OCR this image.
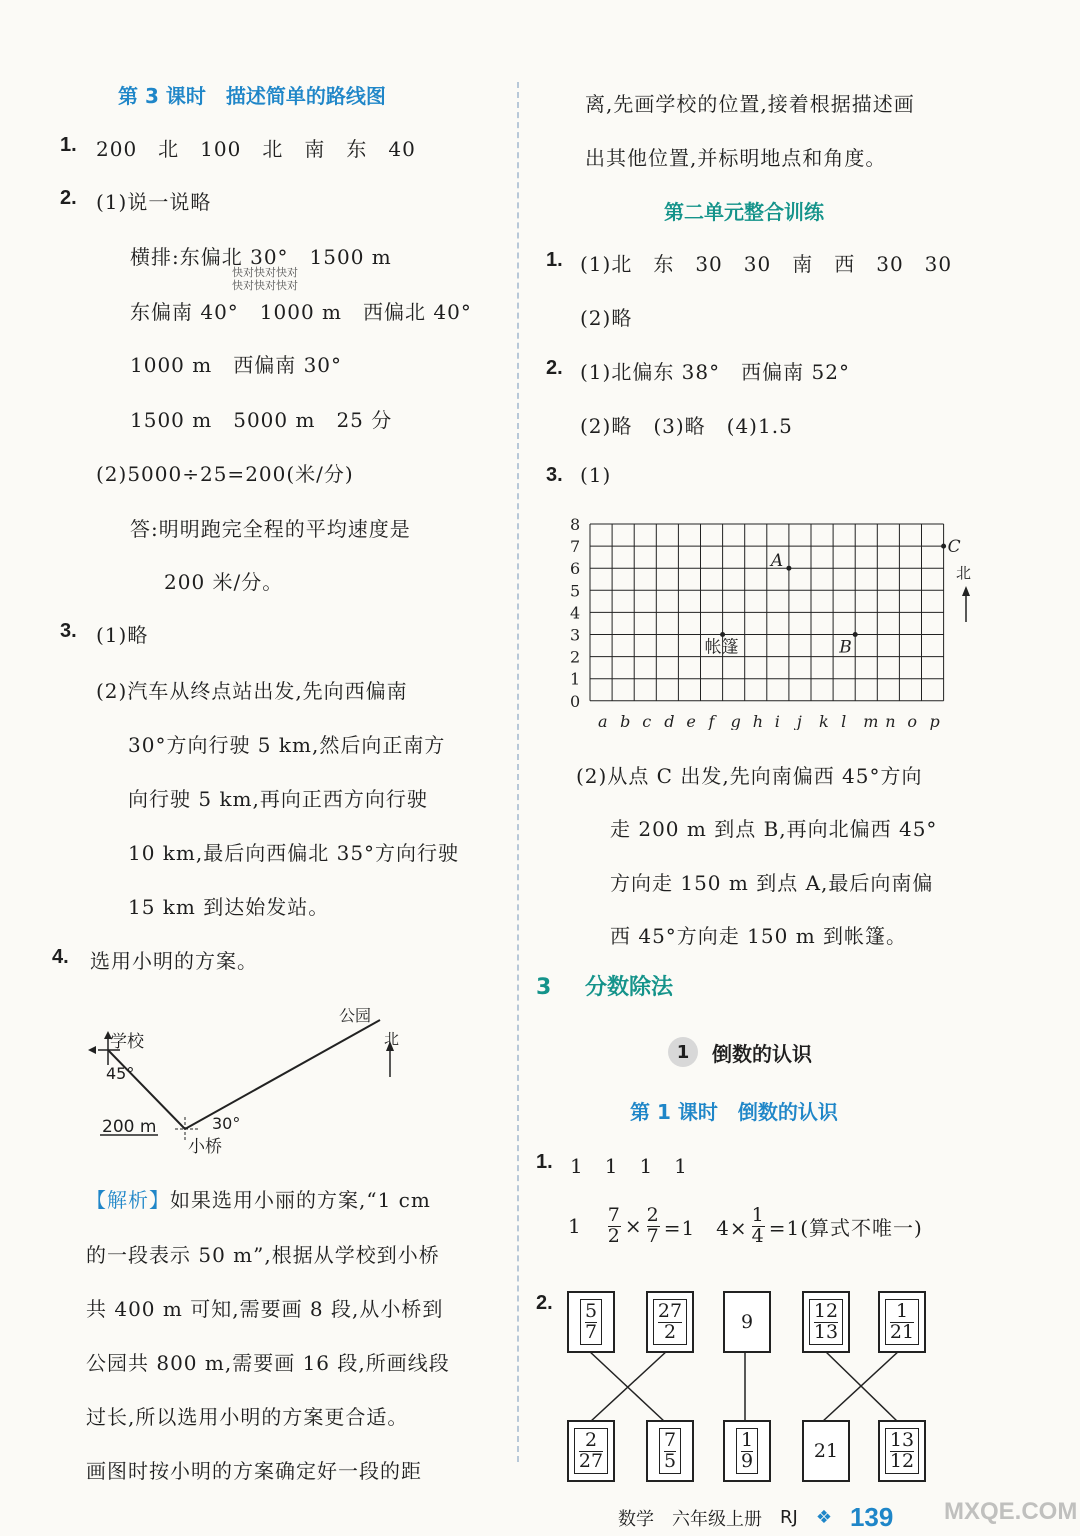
第 3 课时　描述简单的路线图
1. 200　北　100　北　南　东　40
2. (1)说一说略
横排:东偏北 30°　1500 m
东偏南 40°　1000 m　西偏北 40°
1000 m　西偏南 30°
1500 m　5000 m　25 分
(2)5000÷25=200(米/分)
答:明明跑完全程的平均速度是
200 米/分。
快对快对快对
快对快对快对
3. (1)略
(2)汽车从终点站出发,先向西偏南
30°方向行驶 5 km,然后向正南方
向行驶 5 km,再向正西方向行驶
10 km,最后向西偏北 35°方向行驶
15 km 到达始发站。
4. 选用小明的方案。
学校
45°
200 m	30°
小桥
公园
北
【解析】如果选用小丽的方案,“1 cm
的一段表示 50 m”,根据从学校到小桥
共 400 m 可知,需要画 8 段,从小桥到
公园共 800 m,需要画 16 段,所画线段
过长,所以选用小明的方案更合适。
画图时按小明的方案确定好一段的距
离,先画学校的位置,接着根据描述画
出其他位置,并标明地点和角度。
第二单元整合训练
1. (1)北　东　30　30　南　西　30　30
(2)略
2. (1)北偏东 38°　西偏南 52°
(2)略　(3)略　(4)1.5
3. (1)
8
7
6
5
4
3
2
1
0
a b c d e f g h i j k l m n o p
A
B
C
帐篷
北
(2)从点 C 出发,先向南偏西 45°方向
走 200 m 到点 B,再向北偏西 45°
方向走 150 m 到点 A,最后向南偏
西 45°方向走 150 m 到帐篷。
3 分数除法
1	倒数的认识
第 1 课时　倒数的认识
1. 1　1　1　1
$1 \frac{7}{2} \times \frac{2}{7} =1$　$4\times \frac{1}{4} =1$(算式不唯一)
2. $\frac{5}{7}$	$\frac{27}{2}$	9	$\frac{12}{13}$	$\frac{1}{21}$
$\frac{2}{27}$	$\frac{7}{5}$	$\frac{1}{9}$	21	$\frac{13}{12}$
数学 六年级上册 RJ ❖ 139 MXQE.COM
